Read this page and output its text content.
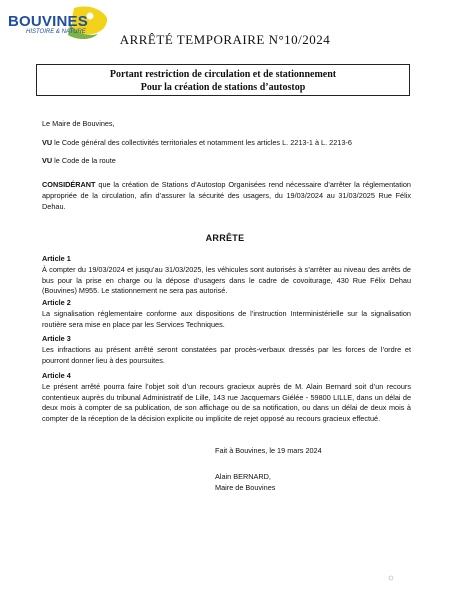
BOUVINES
HISTOIRE & NATURE	ARRÊTÉ TEMPORAIRE N°10/2024
Portant restriction de circulation et de stationnement
Pour la création de stations d’autostop
Le Maire de Bouvines,
VU le Code général des collectivités territoriales et notamment les articles L. 2213-1 à L. 2213-6
VU le Code de la route
CONSIDÉRANT que la création de Stations d’Autostop Organisées rend nécessaire d’arrêter la réglementation appropriée de la circulation, afin d’assurer la sécurité des usagers, du 19/03/2024 au 31/03/2025 Rue Félix Dehau.
ARRÊTE
Article 1
À compter du 19/03/2024 et jusqu’au 31/03/2025, les véhicules sont autorisés à s’arrêter au niveau des arrêts de bus pour la prise en charge ou la dépose d’usagers dans le cadre de covoiturage, 430 Rue Félix Dehau (Bouvines) M955. Le stationnement ne sera pas autorisé.
Article 2
La signalisation réglementaire conforme aux dispositions de l’instruction Interministérielle sur la signalisation routière sera mise en place par les Services Techniques.
Article 3
Les infractions au présent arrêté seront constatées par procès-verbaux dressés par les forces de l’ordre et pourront donner lieu à des poursuites.
Article 4
Le présent arrêté pourra faire l’objet soit d’un recours gracieux auprès de M. Alain Bernard soit d’un recours contentieux auprès du tribunal Administratif de Lille, 143 rue Jacquemars Giélée - 59800 LILLE, dans un délai de deux mois à compter de sa publication, de son affichage ou de sa notification, ou dans un délai de deux mois à compter de la réception de la décision explicite ou implicite de rejet opposé au recours gracieux effectué.
Fait à Bouvines, le 19 mars 2024
Alain BERNARD,
Maire de Bouvines
